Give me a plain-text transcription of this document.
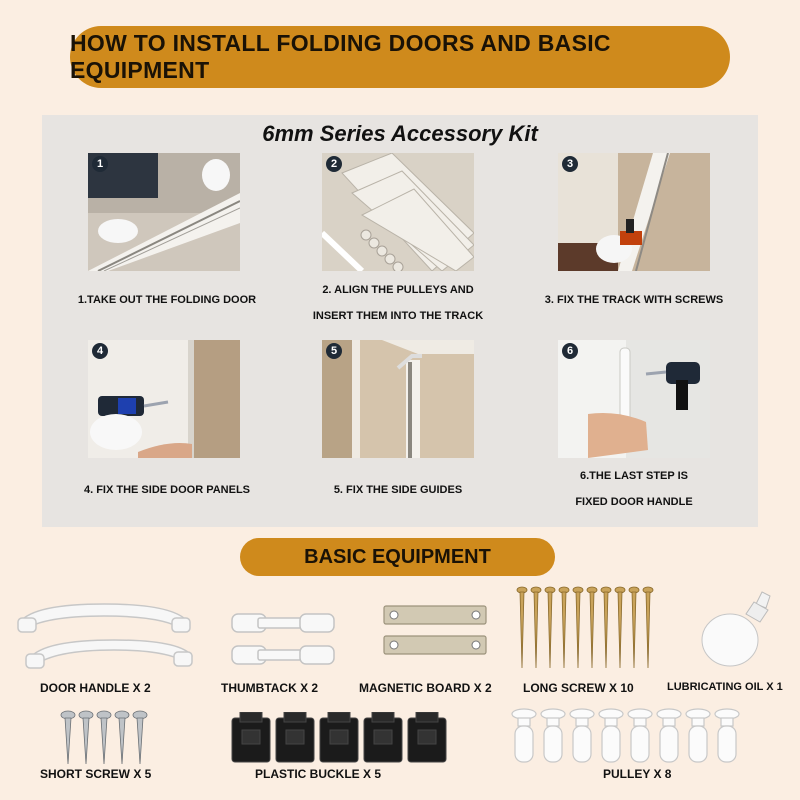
HOW TO INSTALL FOLDING DOORS AND BASIC EQUIPMENT
6mm Series Accessory Kit
1
1.TAKE OUT THE FOLDING DOOR
2
2. ALIGN THE PULLEYS AND
INSERT THEM INTO THE TRACK
3
3. FIX THE TRACK WITH SCREWS
4
4. FIX THE SIDE DOOR PANELS
5
5. FIX THE SIDE GUIDES
6
6.THE LAST STEP IS
FIXED DOOR HANDLE
BASIC EQUIPMENT
DOOR HANDLE X 2	THUMBTACK X 2	MAGNETIC BOARD X 2	LONG SCREW X 10	LUBRICATING OIL X 1
SHORT SCREW X 5	PLASTIC BUCKLE X 5	PULLEY X 8
